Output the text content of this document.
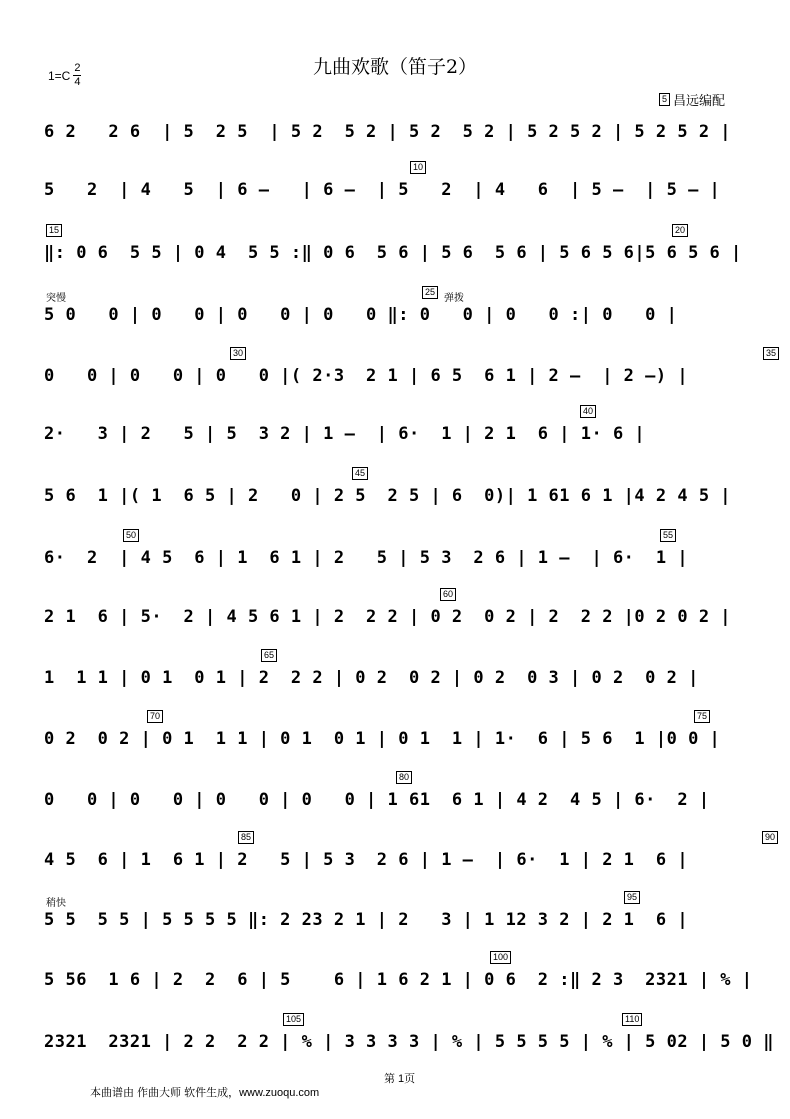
$1=C \frac{2}{4}$	九曲欢歌（笛子2）
5 昌远编配
6 2   2 6  | 5  2 5  | 5 2  5 2 | 5 2  5 2 | 5 2 5 2 | 5 2 5 2 |
5   2  | 4   5  | 6 –   | 6 –  | 5   2  | 4   6  | 5 –  | 5 – |
10
‖: 0 6  5 5 | 0 4  5 5 :‖ 0 6  5 6 | 5 6  5 6 | 5 6 5 6|5 6 5 6 |
15	20
5 0   0 | 0   0 | 0   0 | 0   0 ‖: 0   0 | 0   0 :| 0   0 |
25
突慢	弹拨
0   0 | 0   0 | 0   0 |( 2·3  2 1 | 6 5  6 1 | 2 –  | 2 –) |
30	35
2·   3 | 2   5 | 5  3 2 | 1 –  | 6·  1 | 2 1  6 | 1· 6 |
40
5 6  1 |( 1  6 5 | 2   0 | 2 5  2 5 | 6  0)| 1 61 6 1 |4 2 4 5 |
45
6·  2  | 4 5  6 | 1  6 1 | 2   5 | 5 3  2 6 | 1 –  | 6·  1 |
50	55
2 1  6 | 5·  2 | 4 5 6 1 | 2  2 2 | 0 2  0 2 | 2  2 2 |0 2 0 2 |
60
1  1 1 | 0 1  0 1 | 2  2 2 | 0 2  0 2 | 0 2  0 3 | 0 2  0 2 |
65
0 2  0 2 | 0 1  1 1 | 0 1  0 1 | 0 1  1 | 1·  6 | 5 6  1 |0 0 |
70	75
0   0 | 0   0 | 0   0 | 0   0 | 1 61  6 1 | 4 2  4 5 | 6·  2 |
80
4 5  6 | 1  6 1 | 2   5 | 5 3  2 6 | 1 –  | 6·  1 | 2 1  6 |
85	90
5 5  5 5 | 5 5 5 5 ‖: 2 23 2 1 | 2   3 | 1 12 3 2 | 2 1  6 |
95
稍快
5 56  1 6 | 2  2  6 | 5    6 | 1 6 2 1 | 0 6  2 :‖ 2 3  2321 | % |
100
2321  2321 | 2 2  2 2 | % | 3 3 3 3 | % | 5 5 5 5 | % | 5 02 | 5 0 ‖
105	110
第 1页
本曲谱由 作曲大师 软件生成，www.zuoqu.com
